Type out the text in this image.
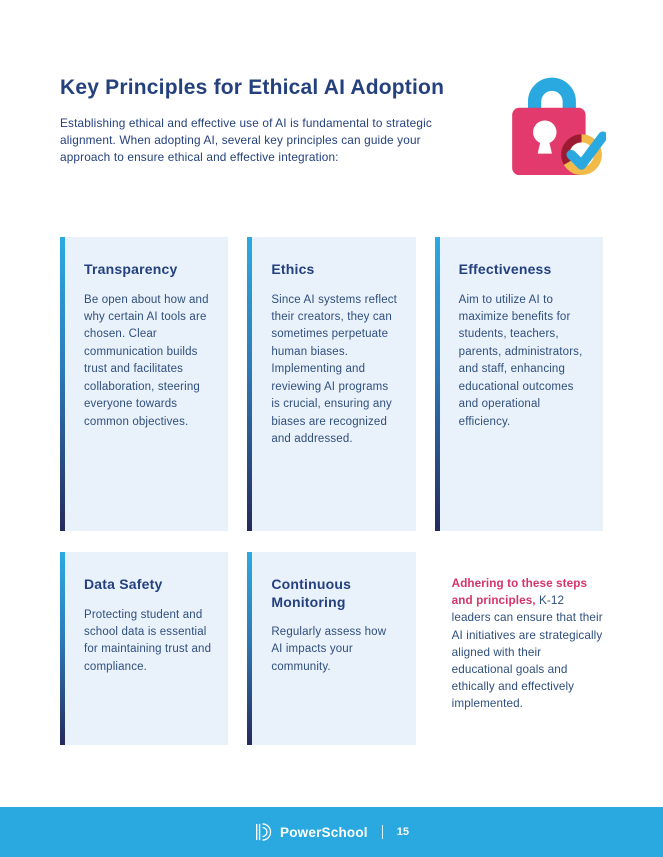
Key Principles for Ethical AI Adoption

Establishing ethical and effective use of AI is fundamental to strategic alignment. When adopting AI, several key principles can guide your approach to ensure ethical and effective integration:

Transparency
Be open about how and why certain AI tools are chosen. Clear communication builds trust and facilitates collaboration, steering everyone towards common objectives.
Ethics
Since AI systems reflect their creators, they can sometimes perpetuate human biases. Implementing and reviewing AI programs is crucial, ensuring any biases are recognized and addressed.
Effectiveness
Aim to utilize AI to maximize benefits for students, teachers, parents, administrators, and staff, enhancing educational outcomes and operational efficiency.
Data Safety
Protecting student and school data is essential for maintaining trust and compliance.
Continuous Monitoring
Regularly assess how AI impacts your community.
Adhering to these steps and principles, K-12 leaders can ensure that their AI initiatives are strategically aligned with their educational goals and ethically and effectively implemented.
PowerSchool	15
